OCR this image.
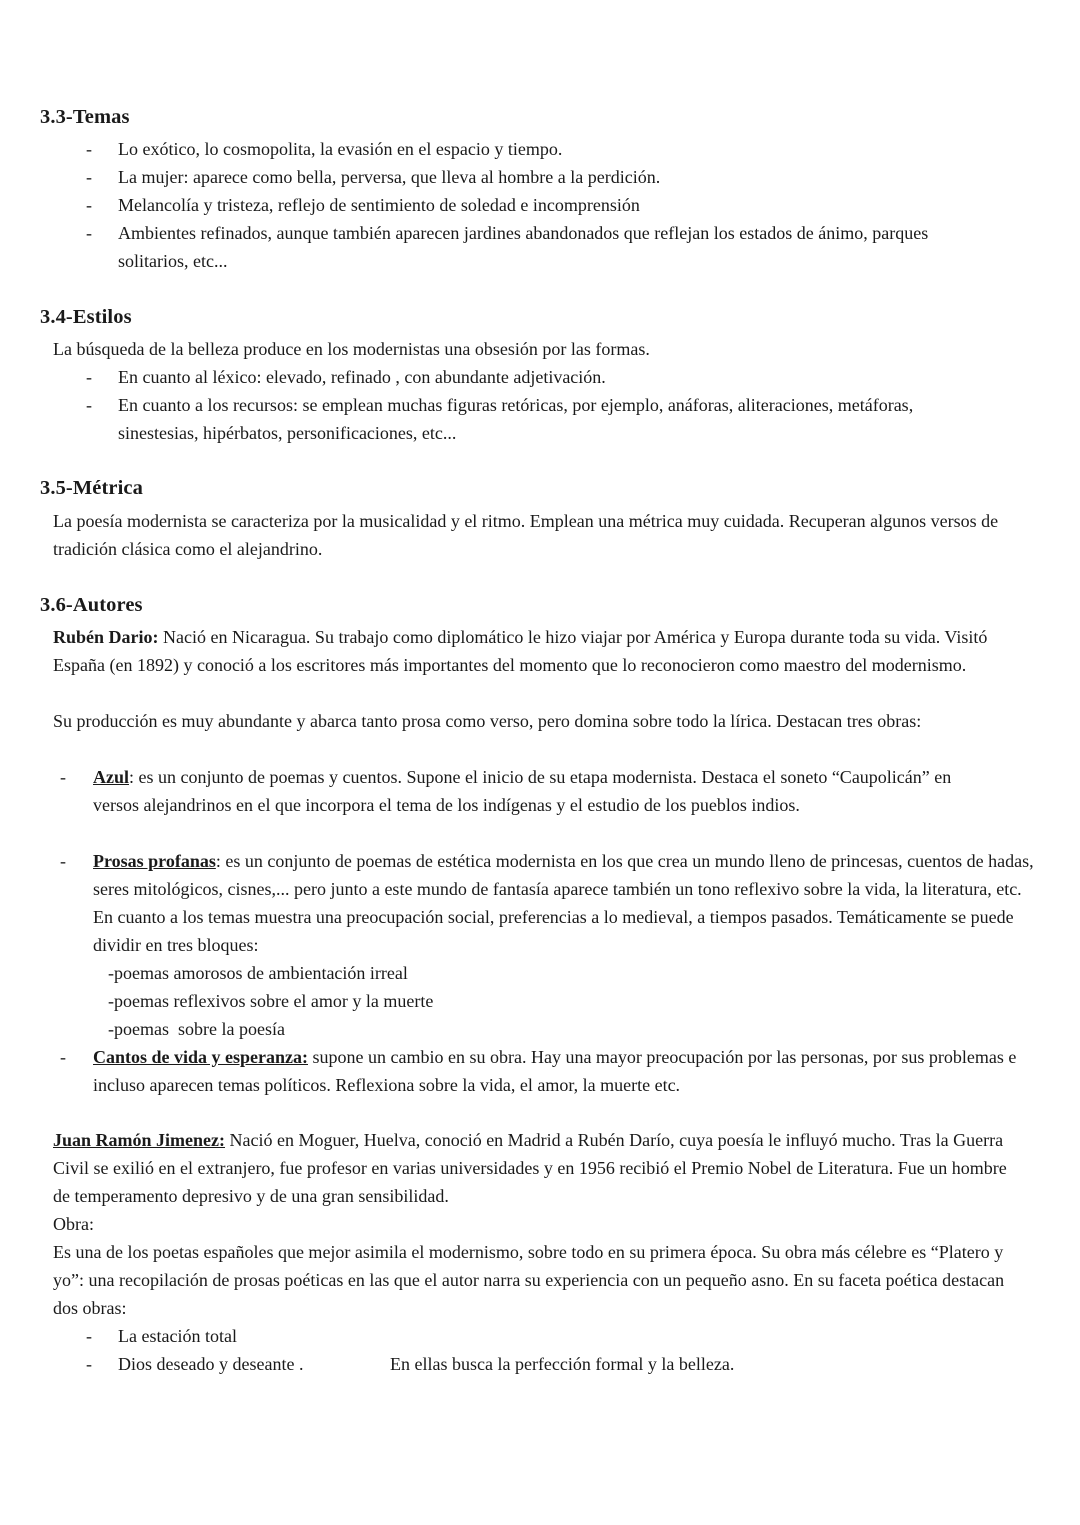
3.3-Temas
- Lo exótico, lo cosmopolita, la evasión en el espacio y tiempo.
- La mujer: aparece como bella, perversa, que lleva al hombre a la perdición.
- Melancolía y tristeza, reflejo de sentimiento de soledad e incomprensión
- Ambientes refinados, aunque también aparecen jardines abandonados que reflejan los estados de ánimo, parques solitarios, etc...
3.4-Estilos
La búsqueda de la belleza produce en los modernistas una obsesión por las formas.
- En cuanto al léxico: elevado, refinado , con abundante adjetivación.
- En cuanto a los recursos: se emplean muchas figuras retóricas, por ejemplo, anáforas, aliteraciones, metáforas, sinestesias, hipérbatos, personificaciones, etc...
3.5-Métrica
La poesía modernista se caracteriza por la musicalidad y el ritmo. Emplean una métrica muy cuidada. Recuperan algunos versos de tradición clásica como el alejandrino.
3.6-Autores
Rubén Dario: Nació en Nicaragua. Su trabajo como diplomático le hizo viajar por América y Europa durante toda su vida. Visitó España (en 1892) y conoció a los escritores más importantes del momento que lo reconocieron como maestro del modernismo.
Su producción es muy abundante y abarca tanto prosa como verso, pero domina sobre todo la lírica. Destacan tres obras:
- Azul: es un conjunto de poemas y cuentos. Supone el inicio de su etapa modernista. Destaca el soneto “Caupolicán” en versos alejandrinos en el que incorpora el tema de los indígenas y el estudio de los pueblos indios.
- Prosas profanas: es un conjunto de poemas de estética modernista en los que crea un mundo lleno de princesas, cuentos de hadas, seres mitológicos, cisnes,... pero junto a este mundo de fantasía aparece también un tono reflexivo sobre la vida, la literatura, etc. En cuanto a los temas muestra una preocupación social, preferencias a lo medieval, a tiempos pasados. Temáticamente se puede dividir en tres bloques:
-poemas amorosos de ambientación irreal
-poemas reflexivos sobre el amor y la muerte
-poemas  sobre la poesía
- Cantos de vida y esperanza: supone un cambio en su obra. Hay una mayor preocupación por las personas, por sus problemas e incluso aparecen temas políticos. Reflexiona sobre la vida, el amor, la muerte etc.
Juan Ramón Jimenez: Nació en Moguer, Huelva, conoció en Madrid a Rubén Darío, cuya poesía le influyó mucho. Tras la Guerra Civil se exilió en el extranjero, fue profesor en varias universidades y en 1956 recibió el Premio Nobel de Literatura. Fue un hombre de temperamento depresivo y de una gran sensibilidad.
Obra:
Es una de los poetas españoles que mejor asimila el modernismo, sobre todo en su primera época. Su obra más célebre es “Platero y yo”: una recopilación de prosas poéticas en las que el autor narra su experiencia con un pequeño asno. En su faceta poética destacan dos obras:
- La estación total
- Dios deseado y deseante .	En ellas busca la perfección formal y la belleza.
